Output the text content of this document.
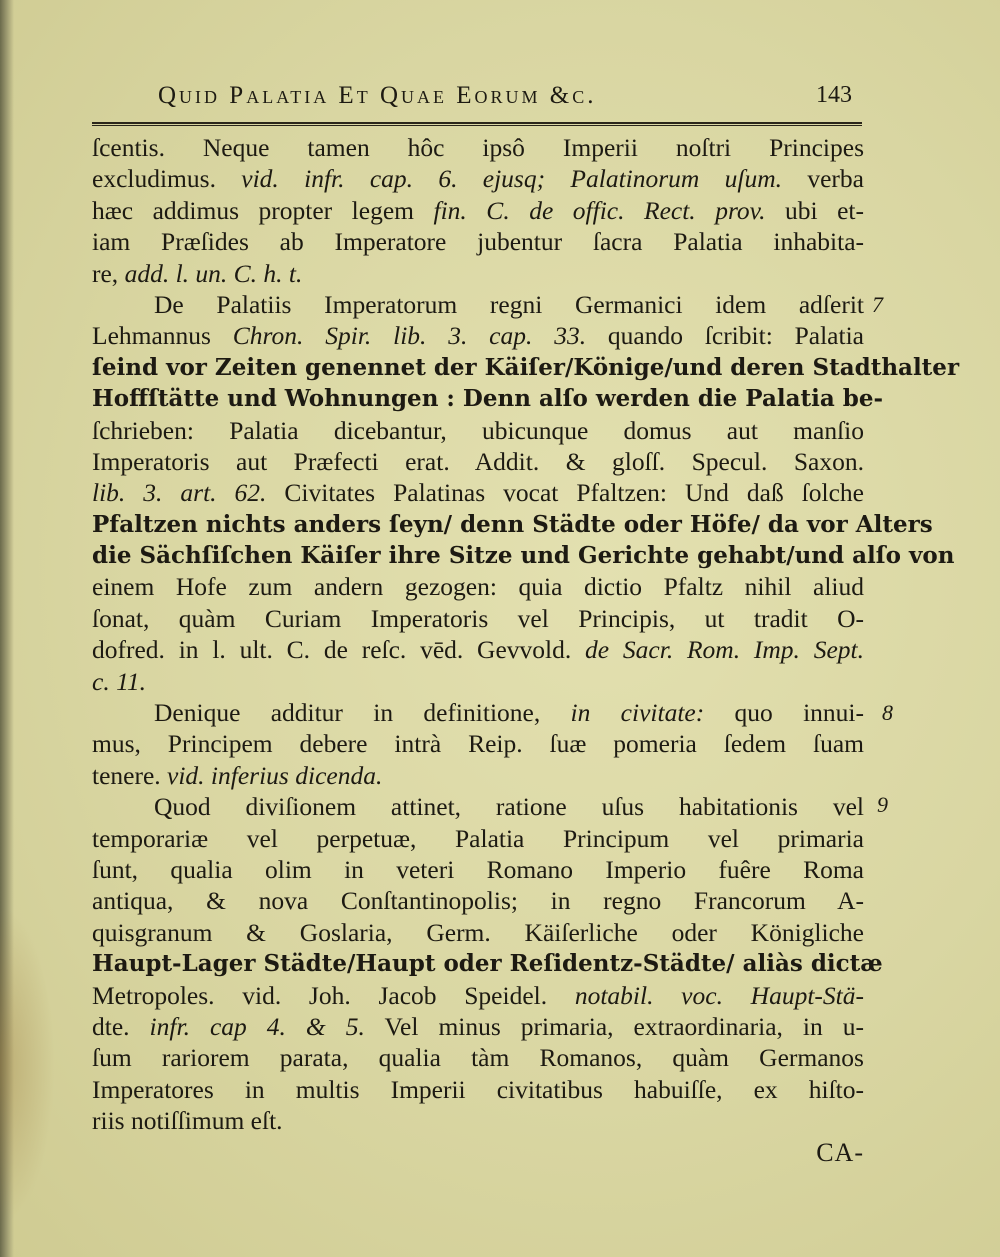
Quid Palatia Et Quae Eorum &c.	143
ſcentis. Neque tamen hôc ipsô Imperii noſtri Principes
excludimus. vid. infr. cap. 6. ejusq; Palatinorum uſum. verba
hæc addimus propter legem fin. C. de offic. Rect. prov. ubi et-
iam Præſides ab Imperatore jubentur ſacra Palatia inhabita-
re, add. l. un. C. h. t.
De Palatiis Imperatorum regni Germanici idem adſerit
Lehmannus Chron. Spir. lib. 3. cap. 33. quando ſcribit: Palatia
ſeind vor Zeiten genennet der Käiſer/Könige/und deren Stadthalter
Hoffſtätte und Wohnungen : Denn alſo werden die Palatia be-
ſchrieben: Palatia dicebantur, ubicunque domus aut manſio
Imperatoris aut Præfecti erat. Addit. & gloſſ. Specul. Saxon.
lib. 3. art. 62. Civitates Palatinas vocat Pfaltzen: Und daß ſolche
Pfaltzen nichts anders ſeyn/ denn Städte oder Höfe/ da vor Alters
die Sächſiſchen Käiſer ihre Sitze und Gerichte gehabt/und alſo von
einem Hofe zum andern gezogen: quia dictio Pfaltz nihil aliud
ſonat, quàm Curiam Imperatoris vel Principis, ut tradit O-
dofred. in l. ult. C. de reſc. vēd. Gevvold. de Sacr. Rom. Imp. Sept.
c. 11.
Denique additur in definitione, in civitate: quo innui-
mus, Principem debere intrà Reip. ſuæ pomeria ſedem ſuam
tenere. vid. inferius dicenda.
Quod diviſionem attinet, ratione uſus habitationis vel
temporariæ vel perpetuæ, Palatia Principum vel primaria
ſunt, qualia olim in veteri Romano Imperio fuêre Roma
antiqua, & nova Conſtantinopolis; in regno Francorum A-
quisgranum & Goslaria, Germ. Käiſerliche oder Königliche
Haupt-Lager Städte/Haupt oder Reſidentz-Städte/ aliàs dictæ
Metropoles. vid. Joh. Jacob Speidel. notabil. voc. Haupt-Stä-
dte. infr. cap 4. & 5. Vel minus primaria, extraordinaria, in u-
ſum rariorem parata, qualia tàm Romanos, quàm Germanos
Imperatores in multis Imperii civitatibus habuiſſe, ex hiſto-
riis notiſſimum eſt.
7
8
9
CA-
